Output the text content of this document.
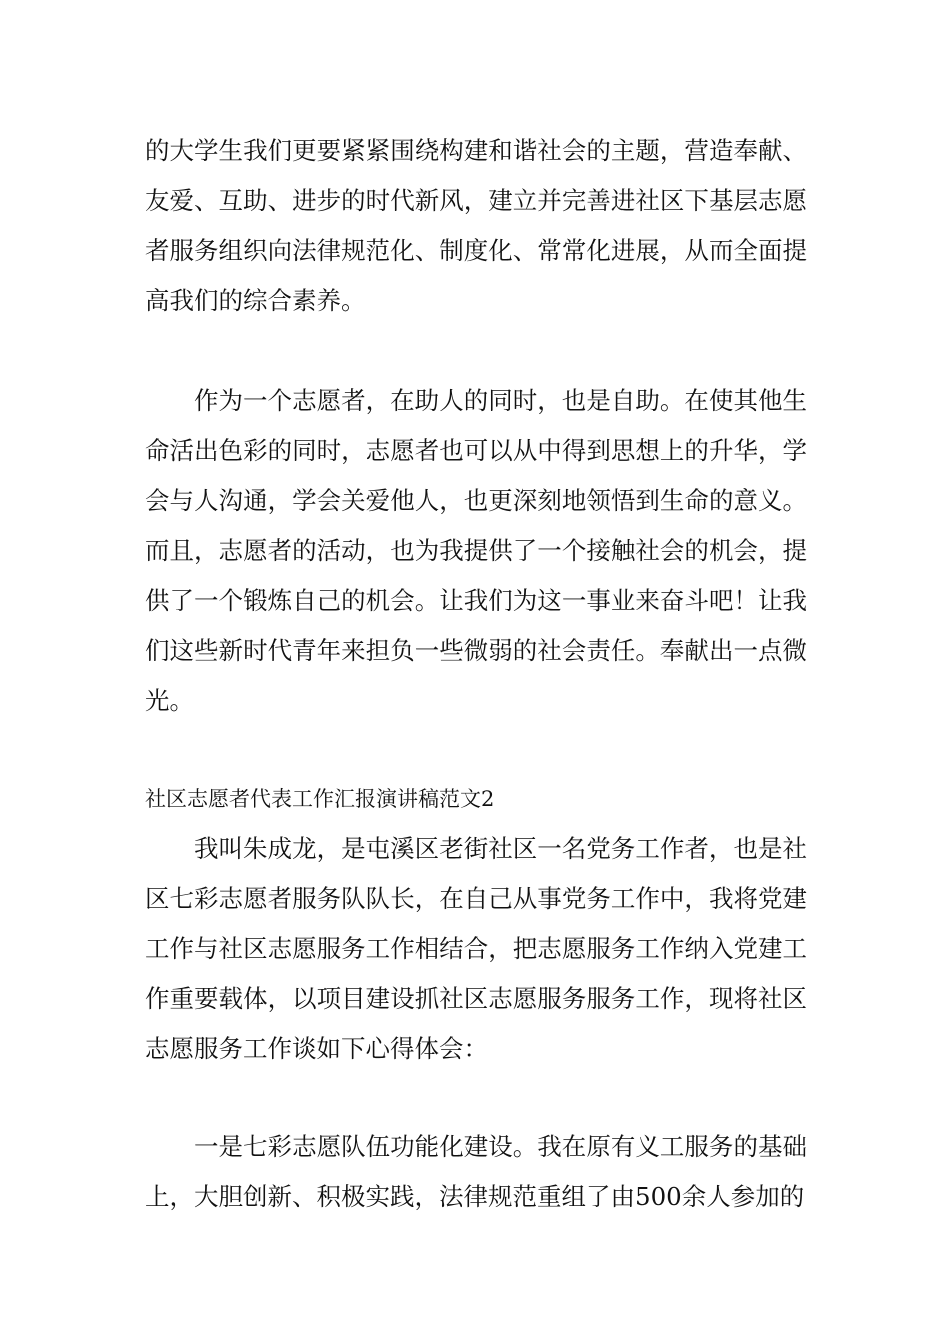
的大学生我们更要紧紧围绕构建和谐社会的主题，营造奉献、友爱、互助、进步的时代新风，建立并完善进社区下基层志愿者服务组织向法律规范化、制度化、常常化进展，从而全面提高我们的综合素养。

作为一个志愿者，在助人的同时，也是自助。在使其他生命活出色彩的同时，志愿者也可以从中得到思想上的升华，学会与人沟通，学会关爱他人，也更深刻地领悟到生命的意义。而且，志愿者的活动，也为我提供了一个接触社会的机会，提供了一个锻炼自己的机会。让我们为这一事业来奋斗吧！让我们这些新时代青年来担负一些微弱的社会责任。奉献出一点微光。

社区志愿者代表工作汇报演讲稿范文2

我叫朱成龙，是屯溪区老街社区一名党务工作者，也是社区七彩志愿者服务队队长，在自己从事党务工作中，我将党建工作与社区志愿服务工作相结合，把志愿服务工作纳入党建工作重要载体，以项目建设抓社区志愿服务服务工作，现将社区志愿服务工作谈如下心得体会：

一是七彩志愿队伍功能化建设。我在原有义工服务的基础上，大胆创新、积极实践，法律规范重组了由500余人参加的
